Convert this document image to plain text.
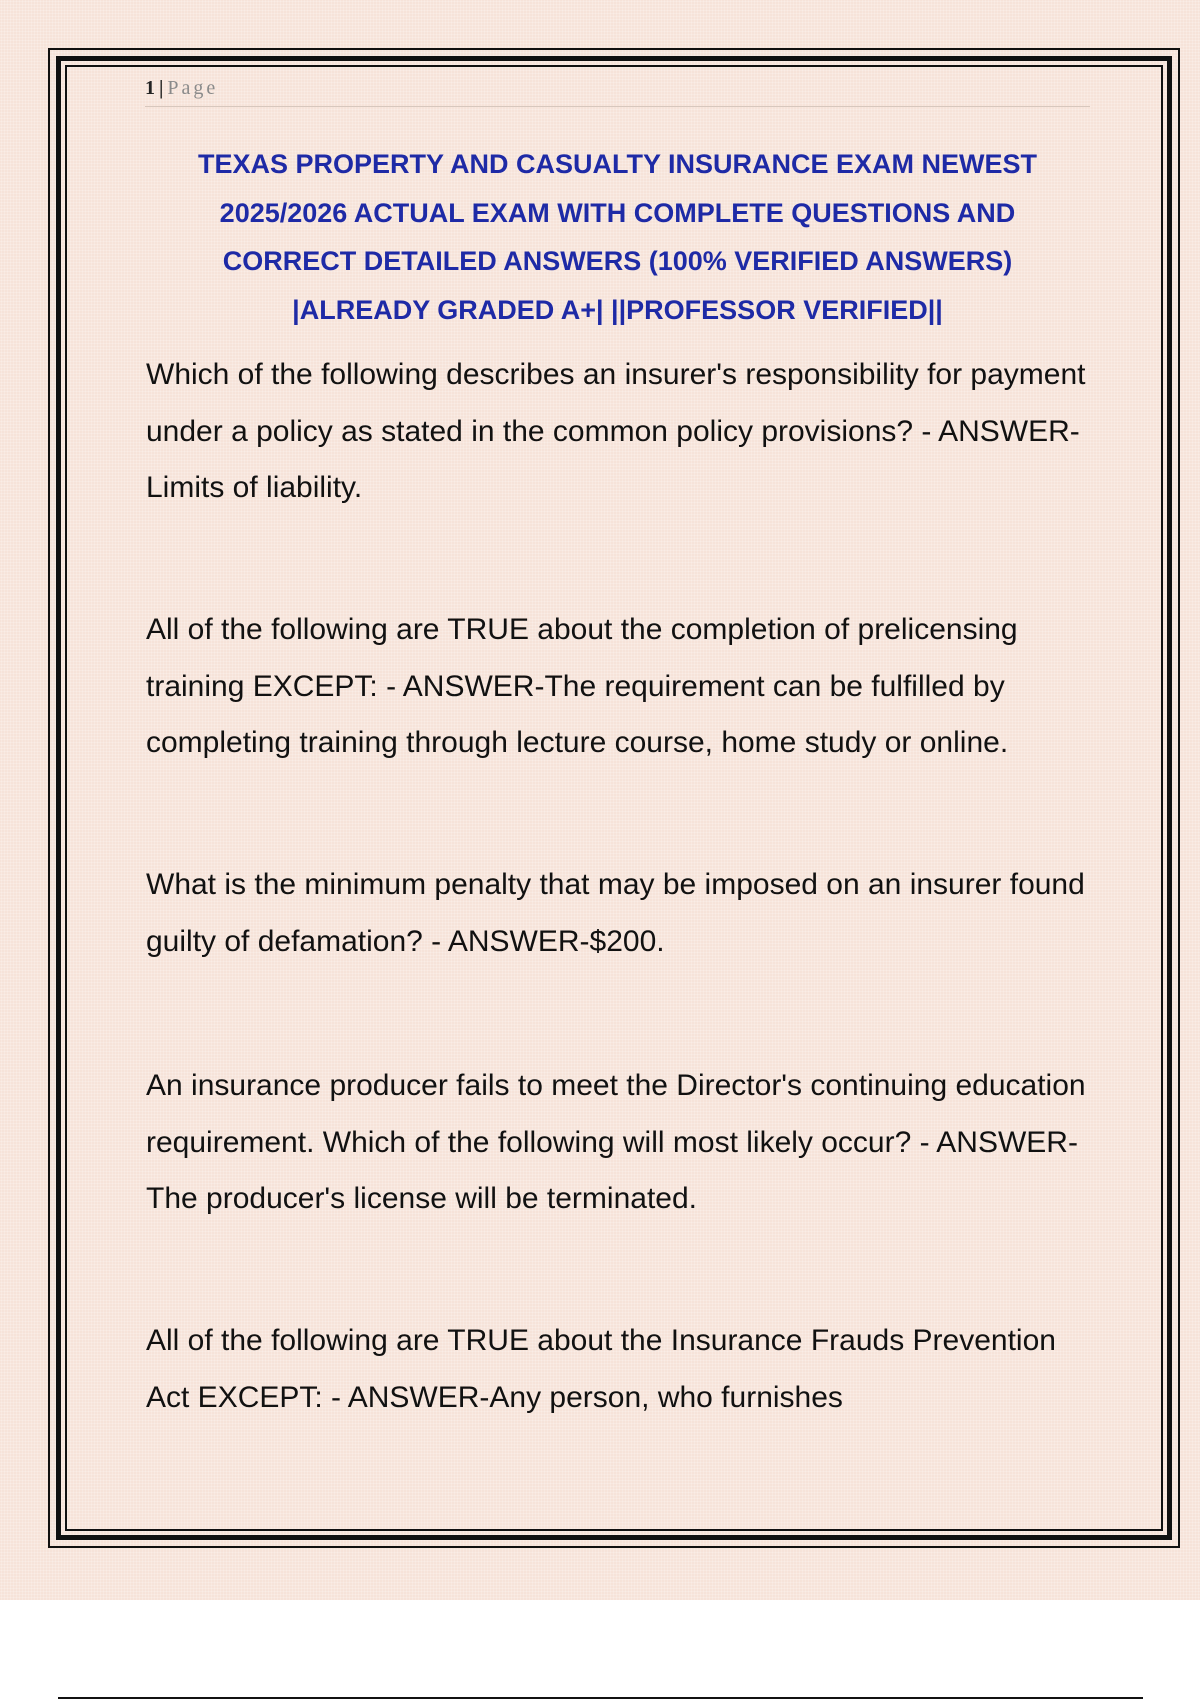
1 | Page
TEXAS PROPERTY AND CASUALTY INSURANCE EXAM NEWEST 2025/2026 ACTUAL EXAM WITH COMPLETE QUESTIONS AND CORRECT DETAILED ANSWERS (100% VERIFIED ANSWERS) |ALREADY GRADED A+| ||PROFESSOR VERIFIED||

Which of the following describes an insurer's responsibility for payment under a policy as stated in the common policy provisions? - ANSWER-Limits of liability.

All of the following are TRUE about the completion of prelicensing training EXCEPT: - ANSWER-The requirement can be fulfilled by completing training through lecture course, home study or online.

What is the minimum penalty that may be imposed on an insurer found guilty of defamation? - ANSWER-$200.

An insurance producer fails to meet the Director's continuing education requirement. Which of the following will most likely occur? - ANSWER-The producer's license will be terminated.

All of the following are TRUE about the Insurance Frauds Prevention Act EXCEPT: - ANSWER-Any person, who furnishes
